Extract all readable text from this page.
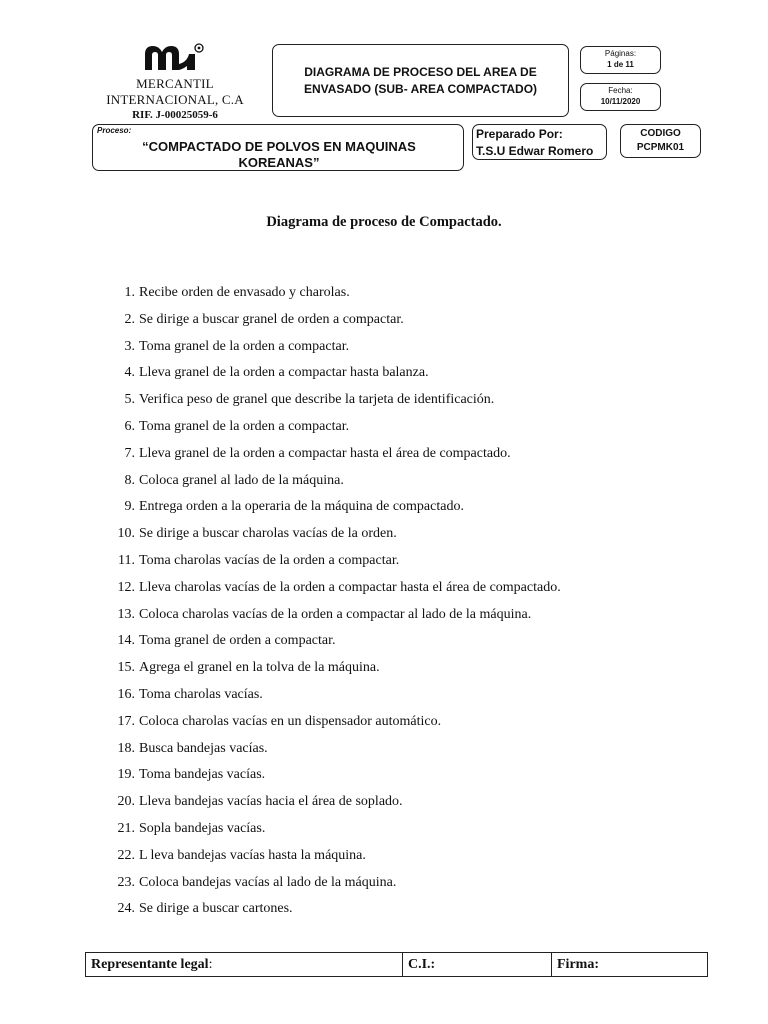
MERCANTIL
INTERNACIONAL, C.A
RIF. J-00025059-6
DIAGRAMA DE PROCESO DEL AREA DE
ENVASADO (SUB- AREA COMPACTADO)
Páginas:
1 de 11
Fecha:
10/11/2020
Proceso:
“COMPACTADO DE POLVOS EN MAQUINAS
KOREANAS”
Preparado Por:
T.S.U Edwar Romero
CODIGO
PCPMK01
Diagrama de proceso de Compactado.
1. Recibe orden de envasado y charolas.
2. Se dirige a buscar granel de orden a compactar.
3. Toma granel de la orden a compactar.
4. Lleva granel de la orden a compactar hasta balanza.
5. Verifica peso de granel que describe la tarjeta de identificación.
6. Toma granel de la orden a compactar.
7. Lleva granel de la orden a compactar hasta el área de compactado.
8. Coloca granel al lado de la máquina.
9. Entrega orden a la operaria de la máquina de compactado.
10. Se dirige a buscar charolas vacías de la orden.
11. Toma charolas vacías de la orden a compactar.
12. Lleva charolas vacías de la orden a compactar hasta el área de compactado.
13. Coloca charolas vacías de la orden a compactar al lado de la máquina.
14. Toma granel de orden a compactar.
15. Agrega el granel en la tolva de la máquina.
16. Toma charolas vacías.
17. Coloca charolas vacías en un dispensador automático.
18. Busca bandejas vacías.
19. Toma bandejas vacías.
20. Lleva bandejas vacías hacia el área de soplado.
21. Sopla bandejas vacías.
22. L leva bandejas vacías hasta la máquina.
23. Coloca bandejas vacías al lado de la máquina.
24. Se dirige a buscar cartones.
Representante legal:	C.I.:	Firma:
